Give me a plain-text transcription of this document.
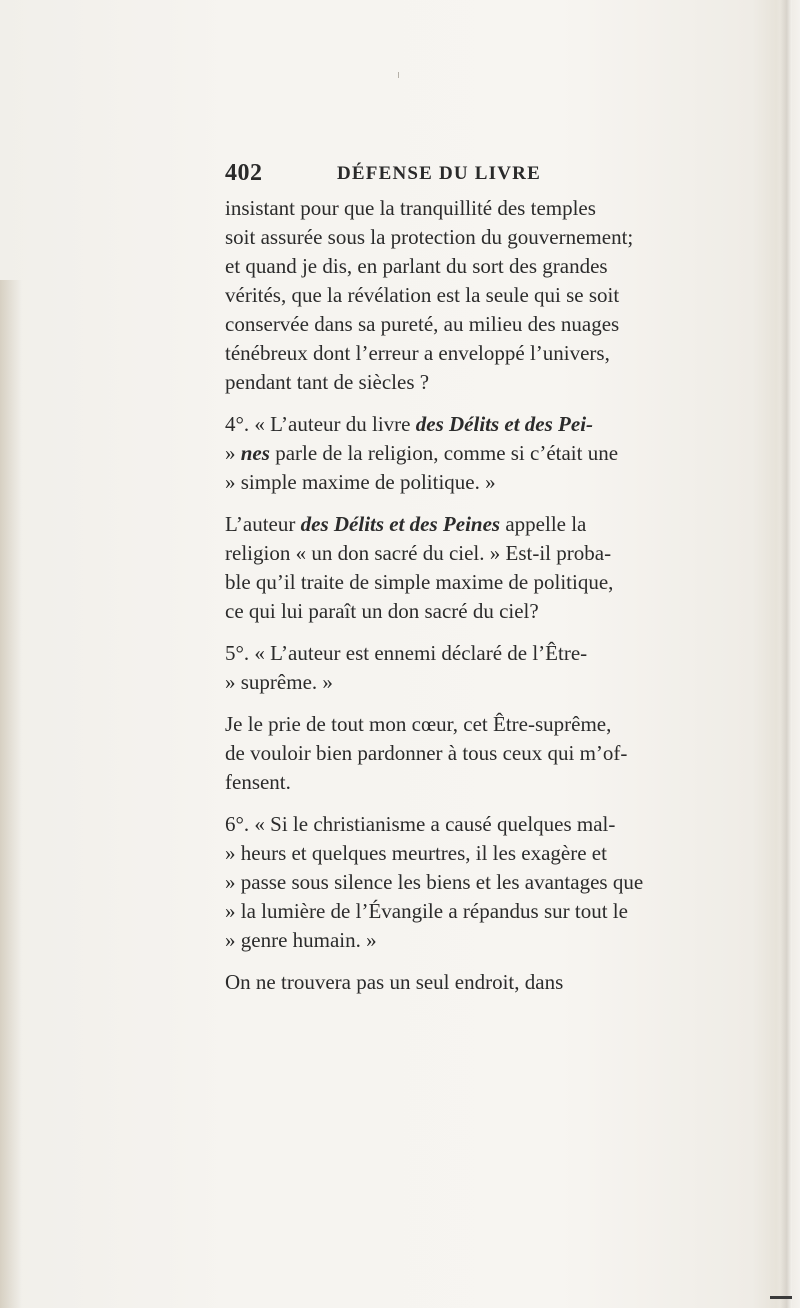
402	DÉFENSE DU LIVRE
insistant pour que la tranquillité des temples
soit assurée sous la protection du gouvernement;
et quand je dis, en parlant du sort des grandes
vérités, que la révélation est la seule qui se soit
conservée dans sa pureté, au milieu des nuages
ténébreux dont l’erreur a enveloppé l’univers,
pendant tant de siècles ?
4°. « L’auteur du livre des Délits et des Pei-
» nes parle de la religion, comme si c’était une
» simple maxime de politique. »
L’auteur des Délits et des Peines appelle la
religion « un don sacré du ciel. » Est-il proba-
ble qu’il traite de simple maxime de politique,
ce qui lui paraît un don sacré du ciel?
5°. « L’auteur est ennemi déclaré de l’Être-
» suprême. »
Je le prie de tout mon cœur, cet Être-suprême,
de vouloir bien pardonner à tous ceux qui m’of-
fensent.
6°. « Si le christianisme a causé quelques mal-
» heurs et quelques meurtres, il les exagère et
» passe sous silence les biens et les avantages que
» la lumière de l’Évangile a répandus sur tout le
» genre humain. »
On ne trouvera pas un seul endroit, dans
